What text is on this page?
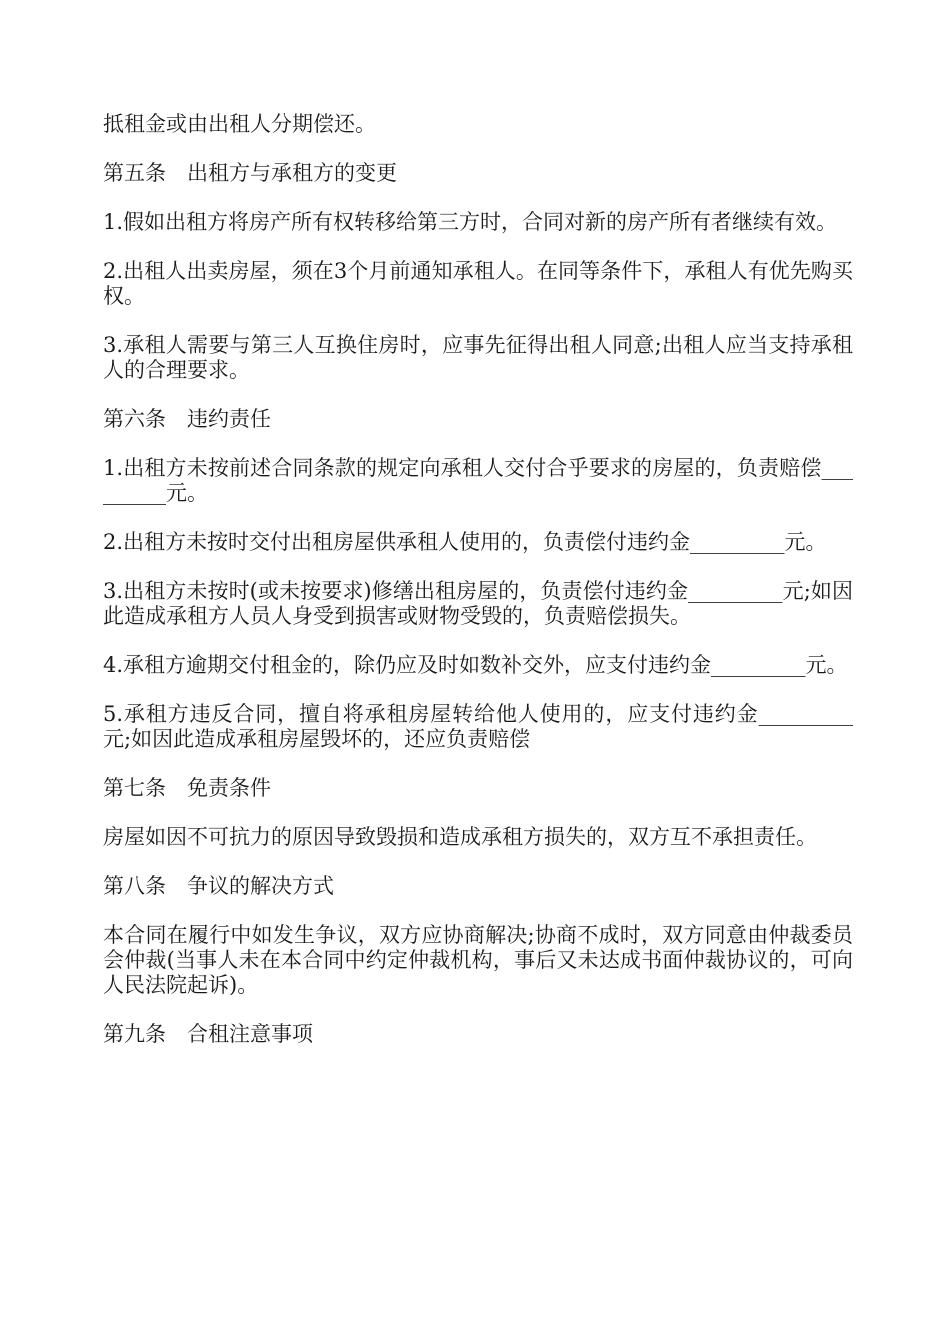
抵租金或由出租人分期偿还。

第五条　出租方与承租方的变更

1.假如出租方将房产所有权转移给第三方时，合同对新的房产所有者继续有效。

2.出租人出卖房屋，须在3个月前通知承租人。在同等条件下，承租人有优先购买权。

3.承租人需要与第三人互换住房时，应事先征得出租人同意;出租人应当支持承租人的合理要求。

第六条　违约责任

1.出租方未按前述合同条款的规定向承租人交付合乎要求的房屋的，负责赔偿_________元。

2.出租方未按时交付出租房屋供承租人使用的，负责偿付违约金_________元。

3.出租方未按时(或未按要求)修缮出租房屋的，负责偿付违约金_________元;如因此造成承租方人员人身受到损害或财物受毁的，负责赔偿损失。

4.承租方逾期交付租金的，除仍应及时如数补交外，应支付违约金_________元。

5.承租方违反合同，擅自将承租房屋转给他人使用的，应支付违约金_________元;如因此造成承租房屋毁坏的，还应负责赔偿

第七条　免责条件

房屋如因不可抗力的原因导致毁损和造成承租方损失的，双方互不承担责任。

第八条　争议的解决方式

本合同在履行中如发生争议，双方应协商解决;协商不成时，双方同意由仲裁委员会仲裁(当事人未在本合同中约定仲裁机构，事后又未达成书面仲裁协议的，可向人民法院起诉)。

第九条　合租注意事项
